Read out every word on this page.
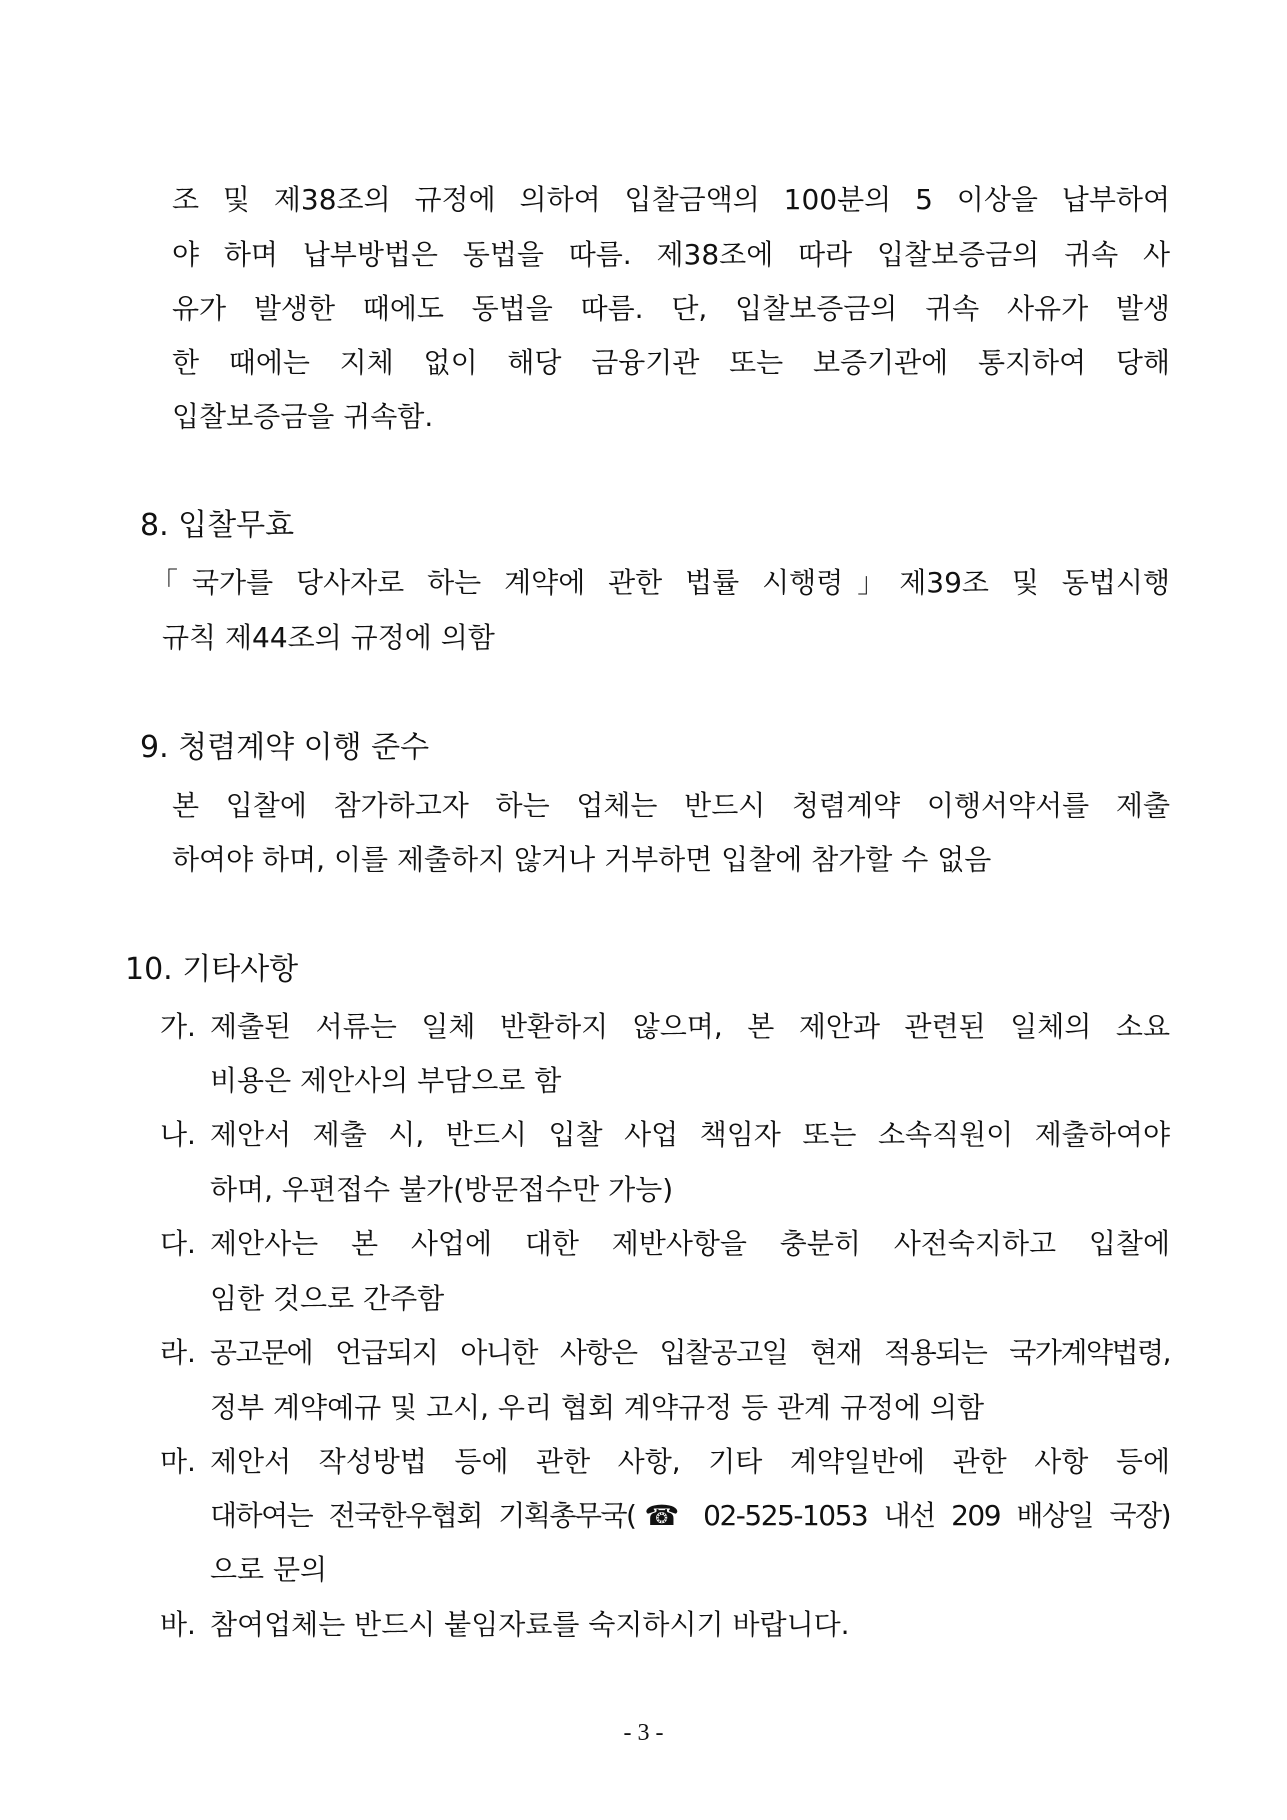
조 및 제38조의 규정에 의하여 입찰금액의 100분의 5 이상을 납부하여
야 하며 납부방법은 동법을 따름. 제38조에 따라 입찰보증금의 귀속 사
유가 발생한 때에도 동법을 따름. 단, 입찰보증금의 귀속 사유가 발생
한 때에는 지체 없이 해당 금융기관 또는 보증기관에 통지하여 당해
입찰보증금을 귀속함.
8. 입찰무효
「국가를 당사자로 하는 계약에 관한 법률 시행령」제39조 및 동법시행
규칙 제44조의 규정에 의함
9. 청렴계약 이행 준수
본 입찰에 참가하고자 하는 업체는 반드시 청렴계약 이행서약서를 제출
하여야 하며, 이를 제출하지 않거나 거부하면 입찰에 참가할 수 없음
10. 기타사항
가. 제출된 서류는 일체 반환하지 않으며, 본 제안과 관련된 일체의 소요
비용은 제안사의 부담으로 함
나. 제안서 제출 시, 반드시 입찰 사업 책임자 또는 소속직원이 제출하여야
하며, 우편접수 불가(방문접수만 가능)
다. 제안사는 본 사업에 대한 제반사항을 충분히 사전숙지하고 입찰에
임한 것으로 간주함
라. 공고문에 언급되지 아니한 사항은 입찰공고일 현재 적용되는 국가계약법령,
정부 계약예규 및 고시, 우리 협회 계약규정 등 관계 규정에 의함
마. 제안서 작성방법 등에 관한 사항, 기타 계약일반에 관한 사항 등에
대하여는 전국한우협회 기획총무국(☎ 02-525-1053 내선 209 배상일 국장)
으로 문의
바. 참여업체는 반드시 붙임자료를 숙지하시기 바랍니다.
- 3 -
